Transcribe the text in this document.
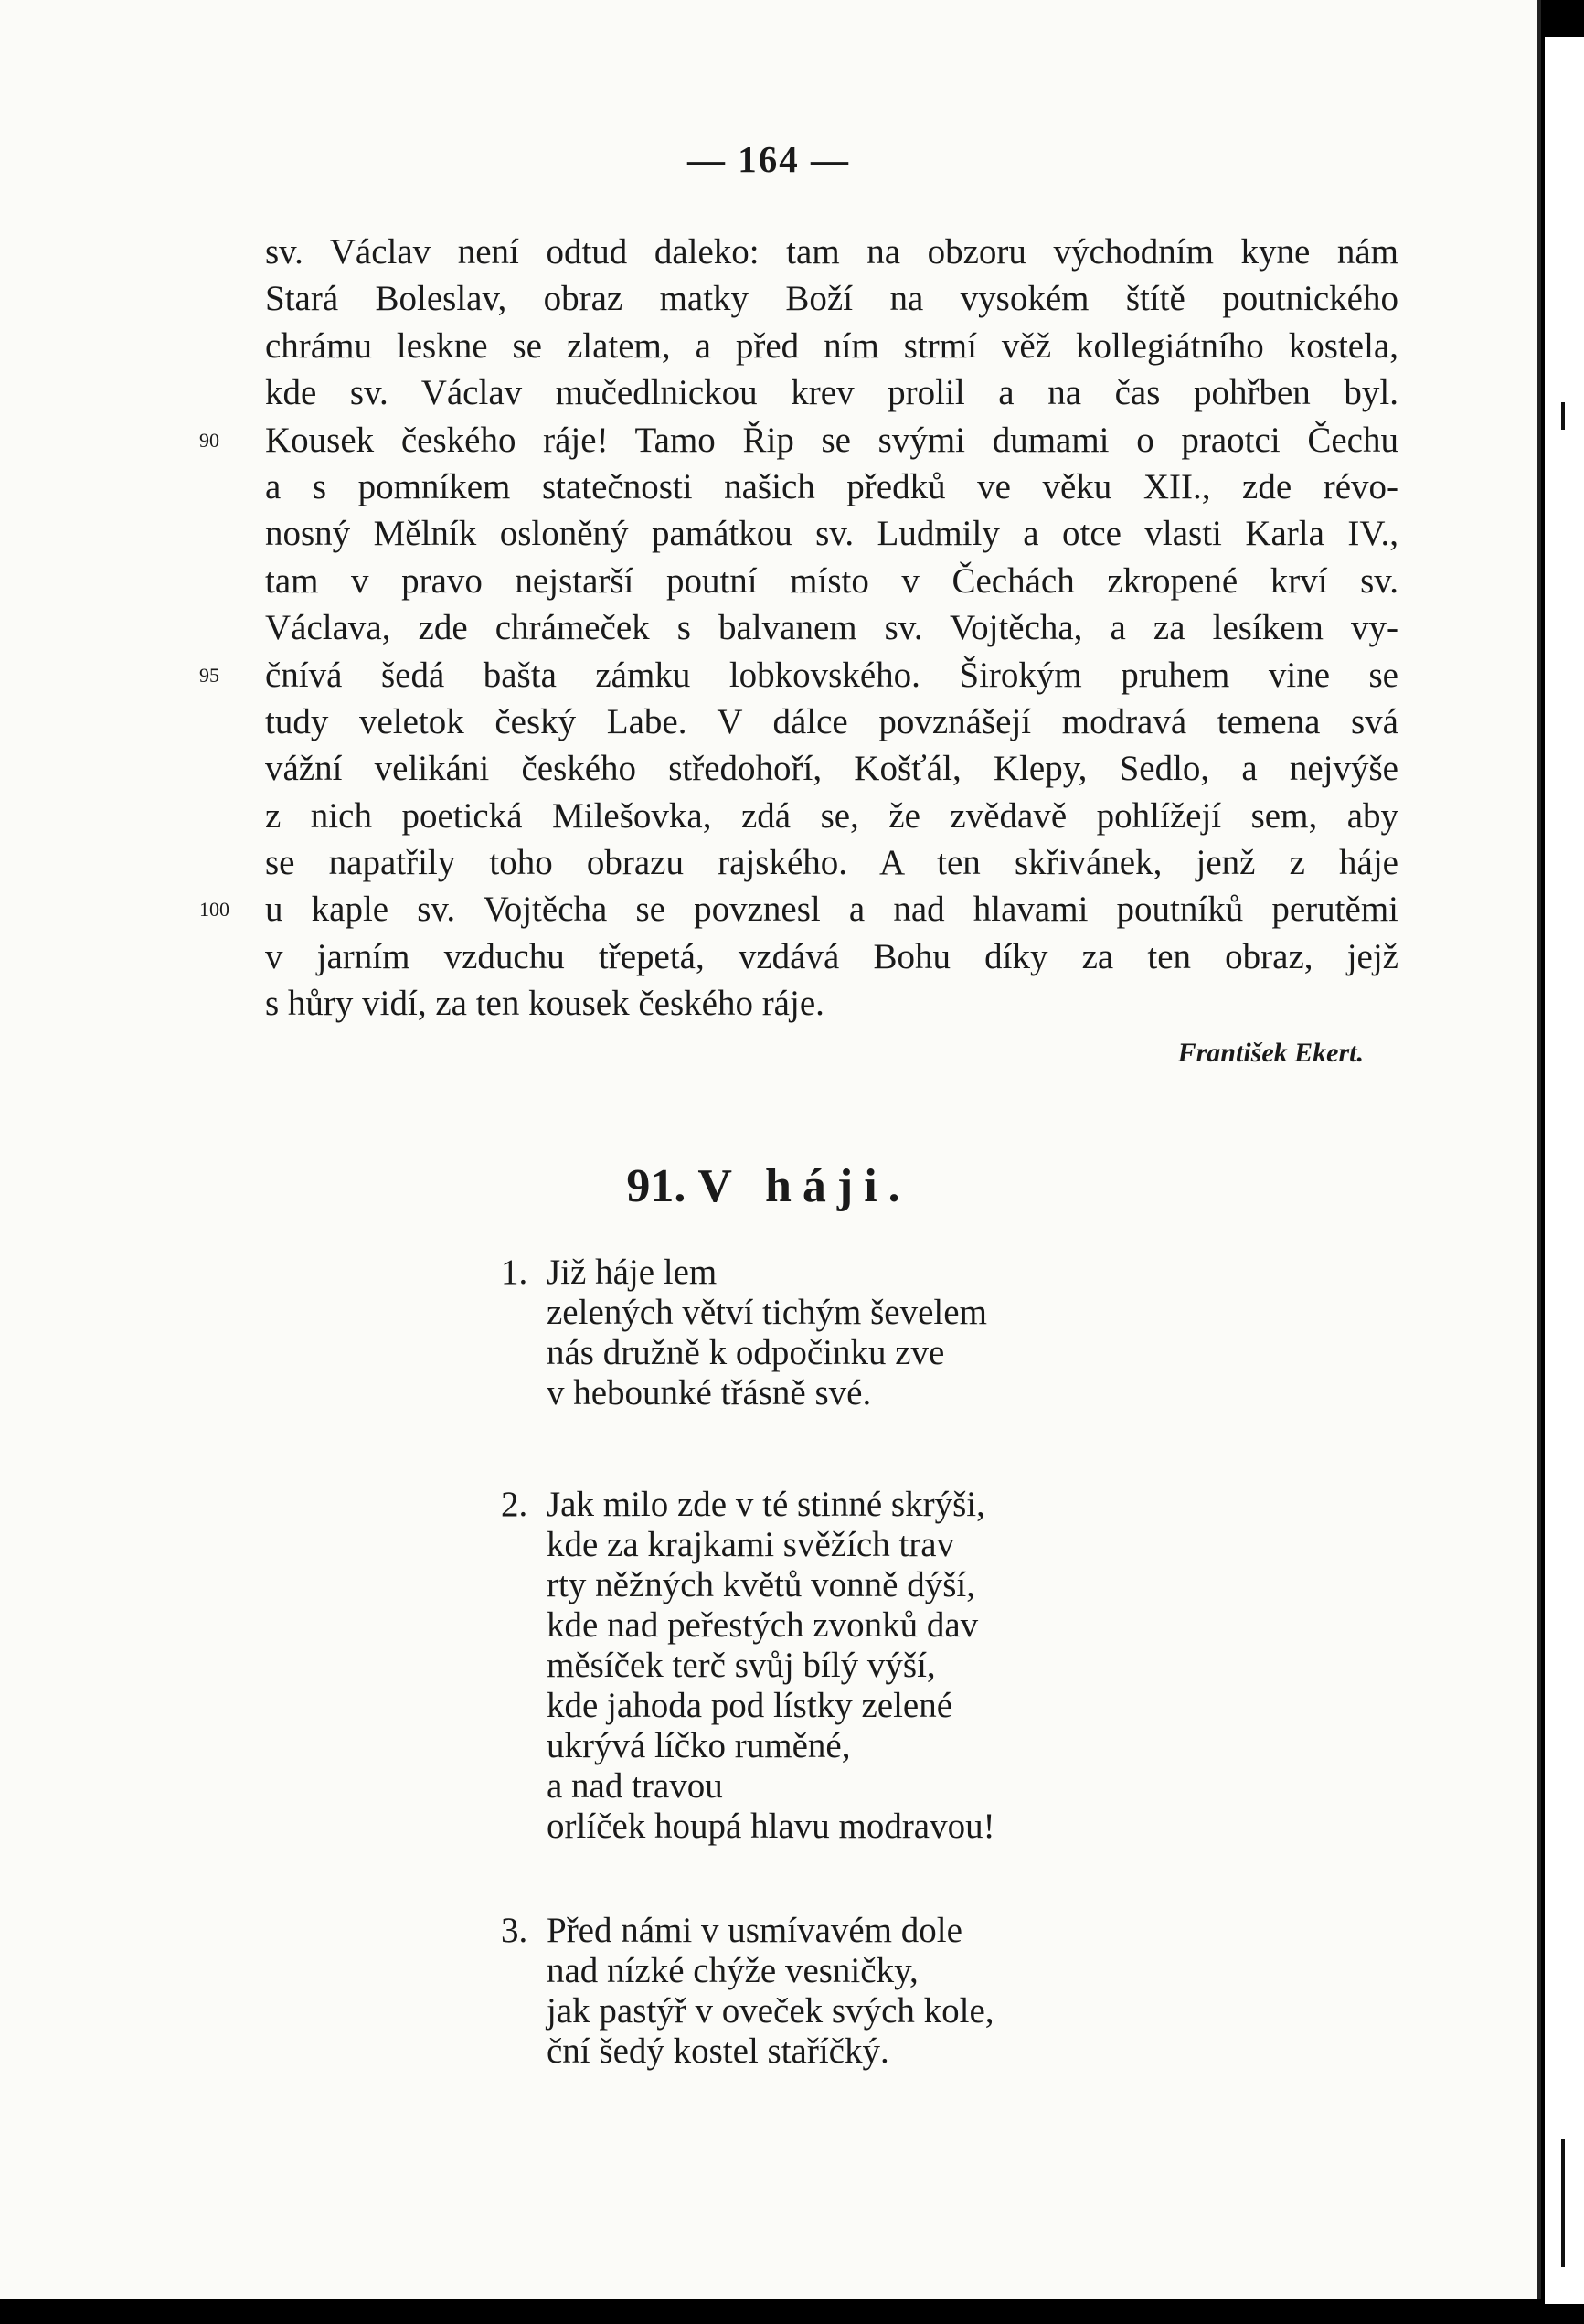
— 164 —
sv. Václav není odtud daleko: tam na obzoru východním kyne nám
Stará Boleslav, obraz matky Boží na vysokém štítě poutnického
chrámu leskne se zlatem, a před ním strmí věž kollegiátního kostela,
kde sv. Václav mučedlnickou krev prolil a na čas pohřben byl.
90 Kousek českého ráje! Tamo Řip se svými dumami o praotci Čechu
a s pomníkem statečnosti našich předků ve věku XII., zde révo-
nosný Mělník osloněný památkou sv. Ludmily a otce vlasti Karla IV.,
tam v pravo nejstarší poutní místo v Čechách zkropené krví sv.
Václava, zde chrámeček s balvanem sv. Vojtěcha, a za lesíkem vy-
95 čnívá šedá bašta zámku lobkovského. Širokým pruhem vine se
tudy veletok český Labe. V dálce povznášejí modravá temena svá
vážní velikáni českého středohoří, Košťál, Klepy, Sedlo, a nejvýše
z nich poetická Milešovka, zdá se, že zvědavě pohlížejí sem, aby
se napatřily toho obrazu rajského. A ten skřivánek, jenž z háje
100 u kaple sv. Vojtěcha se povznesl a nad hlavami poutníků perutěmi
v jarním vzduchu třepetá, vzdává Bohu díky za ten obraz, jejž
s hůry vidí, za ten kousek českého ráje.
František Ekert.
91. V háji.
1. Již háje lem
zelených větví tichým ševelem
nás družně k odpočinku zve
v hebounké třásně své.
2. Jak milo zde v té stinné skrýši,
kde za krajkami svěžích trav
rty něžných květů vonně dýší,
kde nad peřestých zvonků dav
měsíček terč svůj bílý výší,
kde jahoda pod lístky zelené
ukrývá líčko ruměné,
a nad travou
orlíček houpá hlavu modravou!
3. Před námi v usmívavém dole
nad nízké chýže vesničky,
jak pastýř v oveček svých kole,
ční šedý kostel staříčký.
